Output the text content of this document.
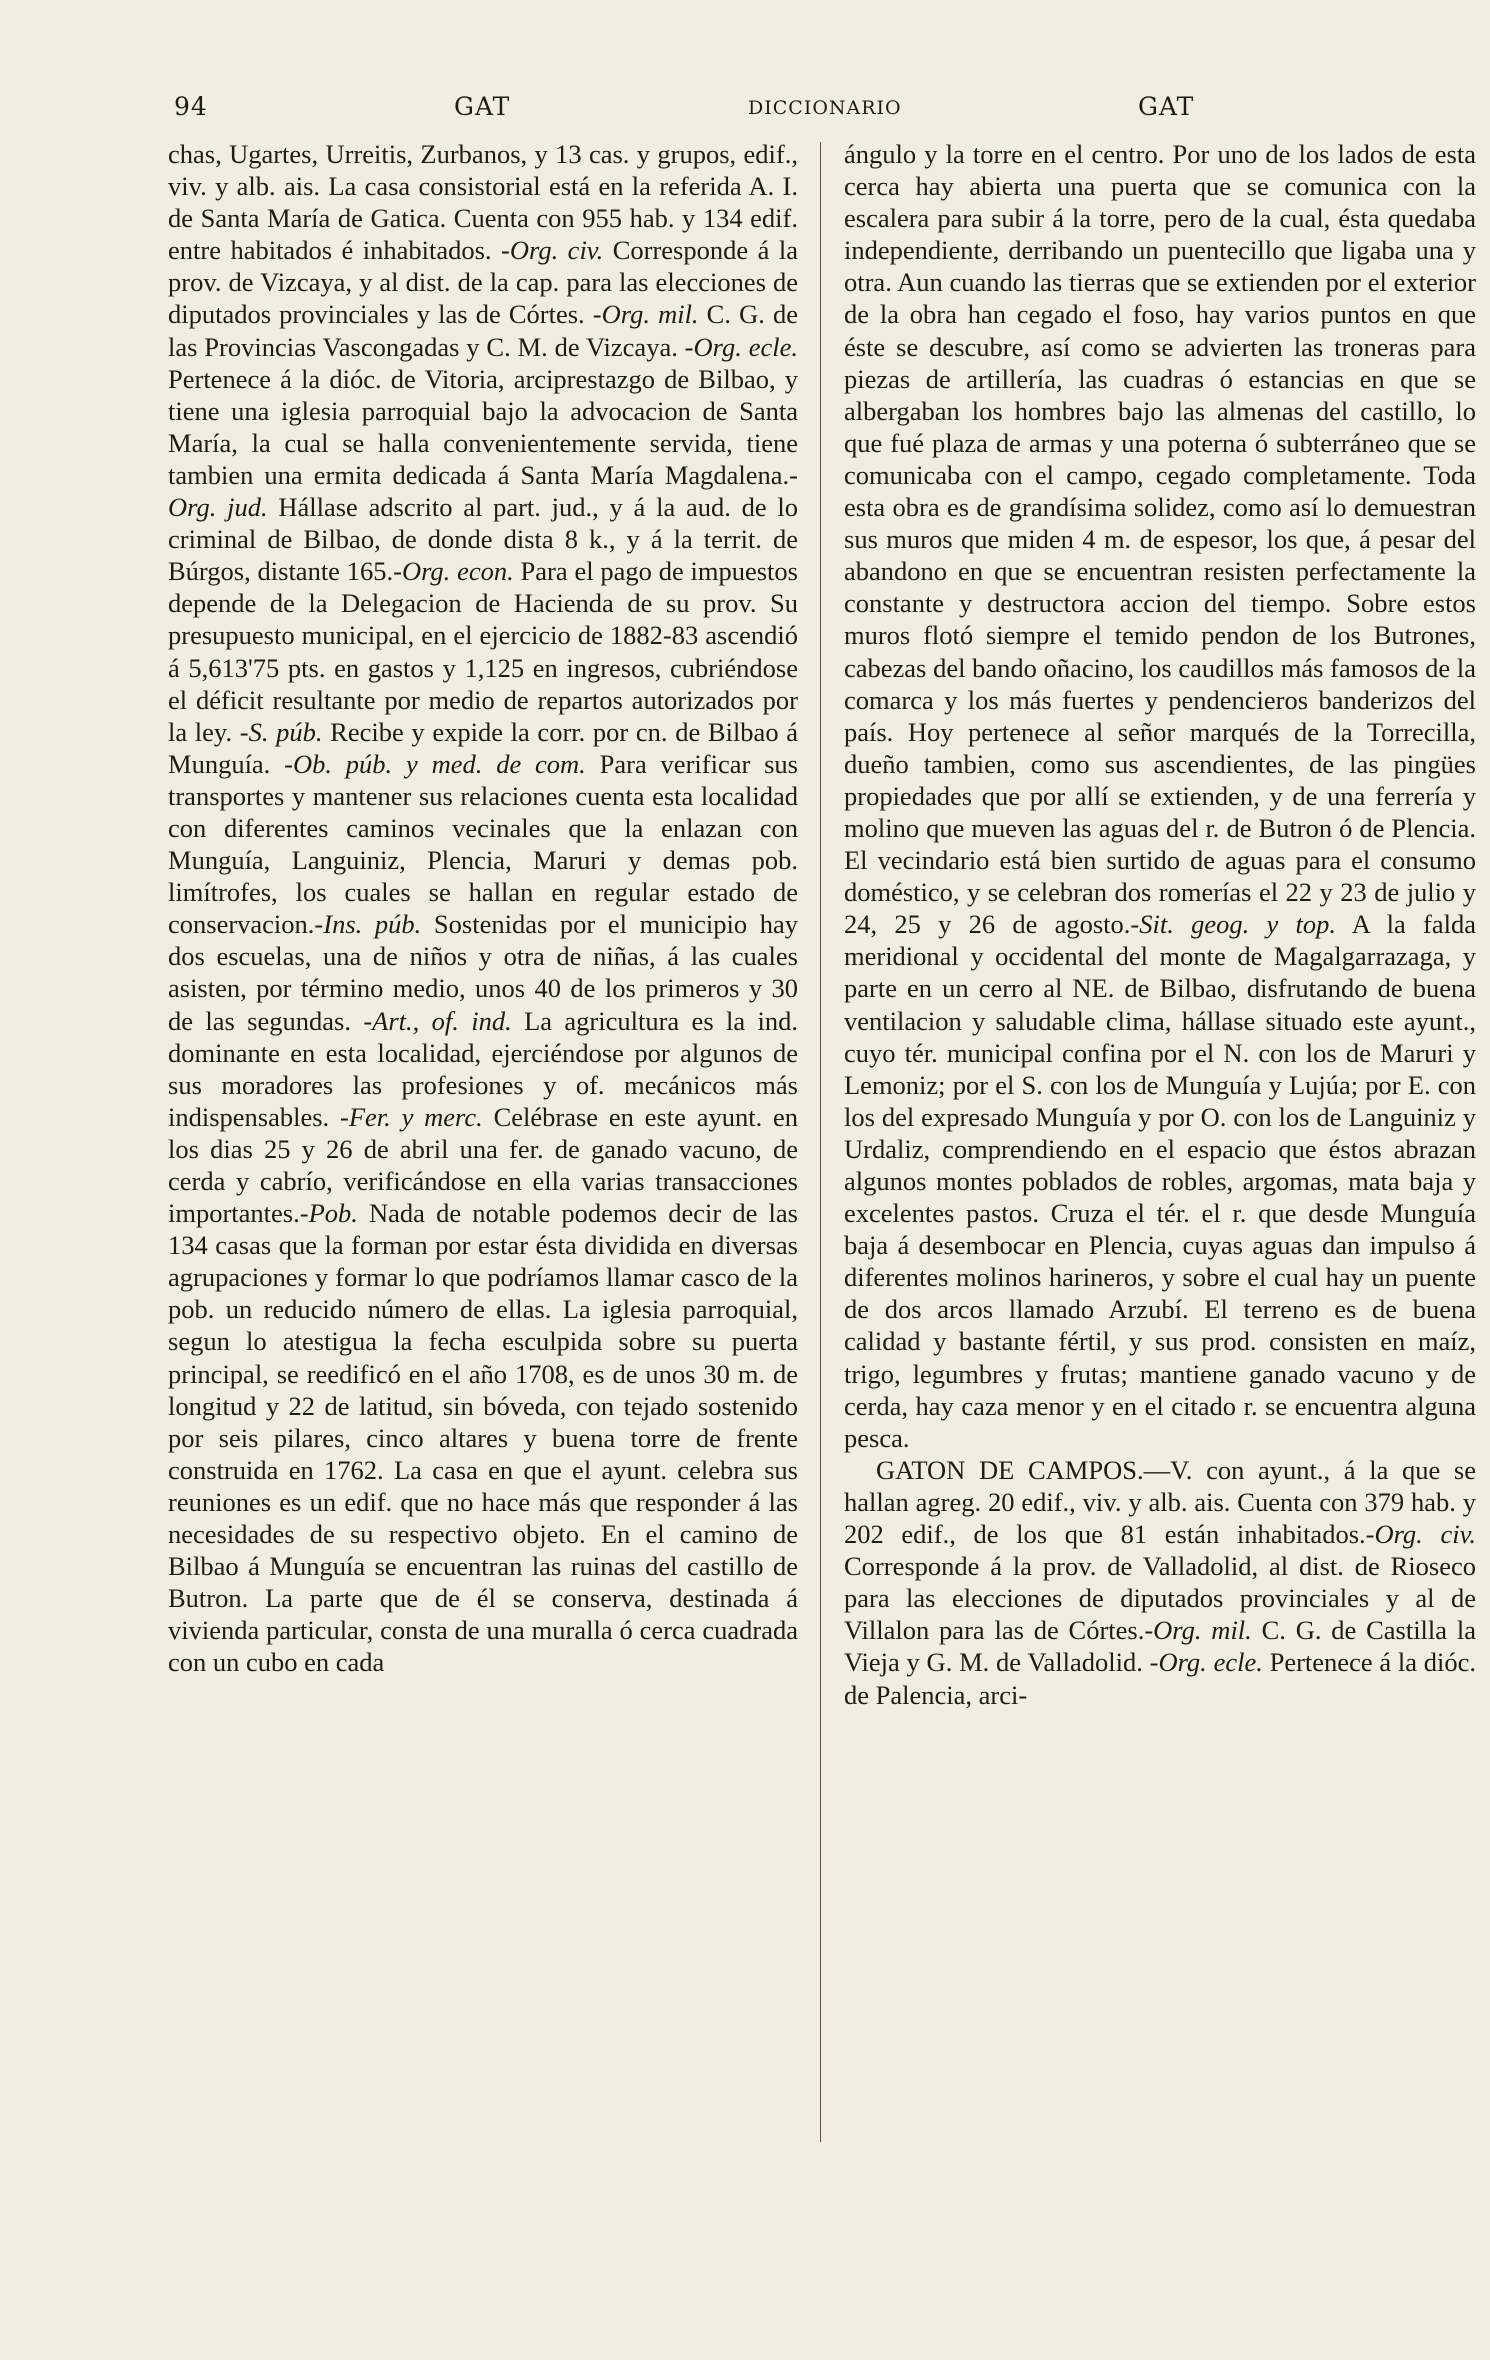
94	GAT	DICCIONARIO	GAT

chas, Ugartes, Urreitis, Zurbanos, y 13 cas. y grupos, edif., viv. y alb. ais. La casa consistorial está en la referida A. I. de Santa María de Gatica. Cuenta con 955 hab. y 134 edif. entre habitados é inhabitados. -Org. civ. Corresponde á la prov. de Vizcaya, y al dist. de la cap. para las elecciones de diputados provinciales y las de Córtes. -Org. mil. C. G. de las Provincias Vascongadas y C. M. de Vizcaya. -Org. ecle. Pertenece á la dióc. de Vitoria, arciprestazgo de Bilbao, y tiene una iglesia parroquial bajo la advocacion de Santa María, la cual se halla convenientemente servida, tiene tambien una ermita dedicada á Santa María Magdalena.-Org. jud. Hállase adscrito al part. jud., y á la aud. de lo criminal de Bilbao, de donde dista 8 k., y á la territ. de Búrgos, distante 165.-Org. econ. Para el pago de impuestos depende de la Delegacion de Hacienda de su prov. Su presupuesto municipal, en el ejercicio de 1882-83 ascendió á 5,613'75 pts. en gastos y 1,125 en ingresos, cubriéndose el déficit resultante por medio de repartos autorizados por la ley. -S. púb. Recibe y expide la corr. por cn. de Bilbao á Munguía. -Ob. púb. y med. de com. Para verificar sus transportes y mantener sus relaciones cuenta esta localidad con diferentes caminos vecinales que la enlazan con Munguía, Languiniz, Plencia, Maruri y demas pob. limítrofes, los cuales se hallan en regular estado de conservacion.-Ins. púb. Sostenidas por el municipio hay dos escuelas, una de niños y otra de niñas, á las cuales asisten, por término medio, unos 40 de los primeros y 30 de las segundas. -Art., of. ind. La agricultura es la ind. dominante en esta localidad, ejerciéndose por algunos de sus moradores las profesiones y of. mecánicos más indispensables. -Fer. y merc. Celébrase en este ayunt. en los dias 25 y 26 de abril una fer. de ganado vacuno, de cerda y cabrío, verificándose en ella varias transacciones importantes.-Pob. Nada de notable podemos decir de las 134 casas que la forman por estar ésta dividida en diversas agrupaciones y formar lo que podríamos llamar casco de la pob. un reducido número de ellas. La iglesia parroquial, segun lo atestigua la fecha esculpida sobre su puerta principal, se reedificó en el año 1708, es de unos 30 m. de longitud y 22 de latitud, sin bóveda, con tejado sostenido por seis pilares, cinco altares y buena torre de frente construida en 1762. La casa en que el ayunt. celebra sus reuniones es un edif. que no hace más que responder á las necesidades de su respectivo objeto. En el camino de Bilbao á Munguía se encuentran las ruinas del castillo de Butron. La parte que de él se conserva, destinada á vivienda particular, consta de una muralla ó cerca cuadrada con un cubo en cada

ángulo y la torre en el centro. Por uno de los lados de esta cerca hay abierta una puerta que se comunica con la escalera para subir á la torre, pero de la cual, ésta quedaba independiente, derribando un puentecillo que ligaba una y otra. Aun cuando las tierras que se extienden por el exterior de la obra han cegado el foso, hay varios puntos en que éste se descubre, así como se advierten las troneras para piezas de artillería, las cuadras ó estancias en que se albergaban los hombres bajo las almenas del castillo, lo que fué plaza de armas y una poterna ó subterráneo que se comunicaba con el campo, cegado completamente. Toda esta obra es de grandísima solidez, como así lo demuestran sus muros que miden 4 m. de espesor, los que, á pesar del abandono en que se encuentran resisten perfectamente la constante y destructora accion del tiempo. Sobre estos muros flotó siempre el temido pendon de los Butrones, cabezas del bando oñacino, los caudillos más famosos de la comarca y los más fuertes y pendencieros banderizos del país. Hoy pertenece al señor marqués de la Torrecilla, dueño tambien, como sus ascendientes, de las pingües propiedades que por allí se extienden, y de una ferrería y molino que mueven las aguas del r. de Butron ó de Plencia. El vecindario está bien surtido de aguas para el consumo doméstico, y se celebran dos romerías el 22 y 23 de julio y 24, 25 y 26 de agosto.-Sit. geog. y top. A la falda meridional y occidental del monte de Magalgarrazaga, y parte en un cerro al NE. de Bilbao, disfrutando de buena ventilacion y saludable clima, hállase situado este ayunt., cuyo tér. municipal confina por el N. con los de Maruri y Lemoniz; por el S. con los de Munguía y Lujúa; por E. con los del expresado Munguía y por O. con los de Languiniz y Urdaliz, comprendiendo en el espacio que éstos abrazan algunos montes poblados de robles, argomas, mata baja y excelentes pastos. Cruza el tér. el r. que desde Munguía baja á desembocar en Plencia, cuyas aguas dan impulso á diferentes molinos harineros, y sobre el cual hay un puente de dos arcos llamado Arzubí. El terreno es de buena calidad y bastante fértil, y sus prod. consisten en maíz, trigo, legumbres y frutas; mantiene ganado vacuno y de cerda, hay caza menor y en el citado r. se encuentra alguna pesca.

GATON DE CAMPOS.—V. con ayunt., á la que se hallan agreg. 20 edif., viv. y alb. ais. Cuenta con 379 hab. y 202 edif., de los que 81 están inhabitados.-Org. civ. Corresponde á la prov. de Valladolid, al dist. de Rioseco para las elecciones de diputados provinciales y al de Villalon para las de Córtes.-Org. mil. C. G. de Castilla la Vieja y G. M. de Valladolid. -Org. ecle. Pertenece á la dióc. de Palencia, arci-
